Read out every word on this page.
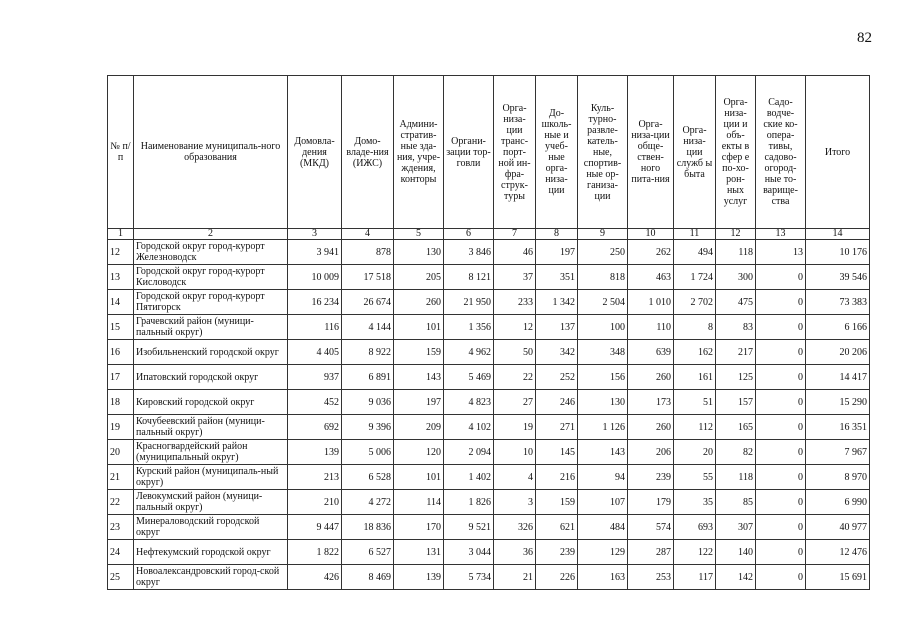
82
№ п/п	Наименование муниципаль-ного образования	Домовла-дения (МКД)	Домо-владе-ния (ИЖС)	Админи-стратив-ные зда-ния, учре-ждения, конторы	Органи-зации тор-говли	Орга-низа-ции транс-порт-ной ин-фра-струк-туры	До-школь-ные и учеб-ные орга-низа-ции	Куль-турно-развле-катель-ные, спортив-ные ор-ганиза-ции	Орга-низа-ции обще-ствен-ного пита-ния	Орга-низа-ции служб ы быта	Орга-низа-ции и объ-екты в сфер е по-хо-рон-ных услуг	Садо-водче-ские ко-опера-тивы, садово-огород-ные то-варище-ства	Итого
1	2	3	4	5	6	7	8	9	10	11	12	13	14
12	Городской округ город-курорт Железноводск	3 941	878	130	3 846	46	197	250	262	494	118	13	10 176
13	Городской округ город-курорт Кисловодск	10 009	17 518	205	8 121	37	351	818	463	1 724	300	0	39 546
14	Городской округ город-курорт Пятигорск	16 234	26 674	260	21 950	233	1 342	2 504	1 010	2 702	475	0	73 383
15	Грачевский район (муници-пальный округ)	116	4 144	101	1 356	12	137	100	110	8	83	0	6 166
16	Изобильненский городской округ	4 405	8 922	159	4 962	50	342	348	639	162	217	0	20 206
17	Ипатовский городской округ	937	6 891	143	5 469	22	252	156	260	161	125	0	14 417
18	Кировский городской округ	452	9 036	197	4 823	27	246	130	173	51	157	0	15 290
19	Кочубеевский район (муници-пальный округ)	692	9 396	209	4 102	19	271	1 126	260	112	165	0	16 351
20	Красногвардейский район (муниципальный округ)	139	5 006	120	2 094	10	145	143	206	20	82	0	7 967
21	Курский район (муниципаль-ный округ)	213	6 528	101	1 402	4	216	94	239	55	118	0	8 970
22	Левокумский район (муници-пальный округ)	210	4 272	114	1 826	3	159	107	179	35	85	0	6 990
23	Минераловодский городской округ	9 447	18 836	170	9 521	326	621	484	574	693	307	0	40 977
24	Нефтекумский городской округ	1 822	6 527	131	3 044	36	239	129	287	122	140	0	12 476
25	Новоалександровский город-ской округ	426	8 469	139	5 734	21	226	163	253	117	142	0	15 691
